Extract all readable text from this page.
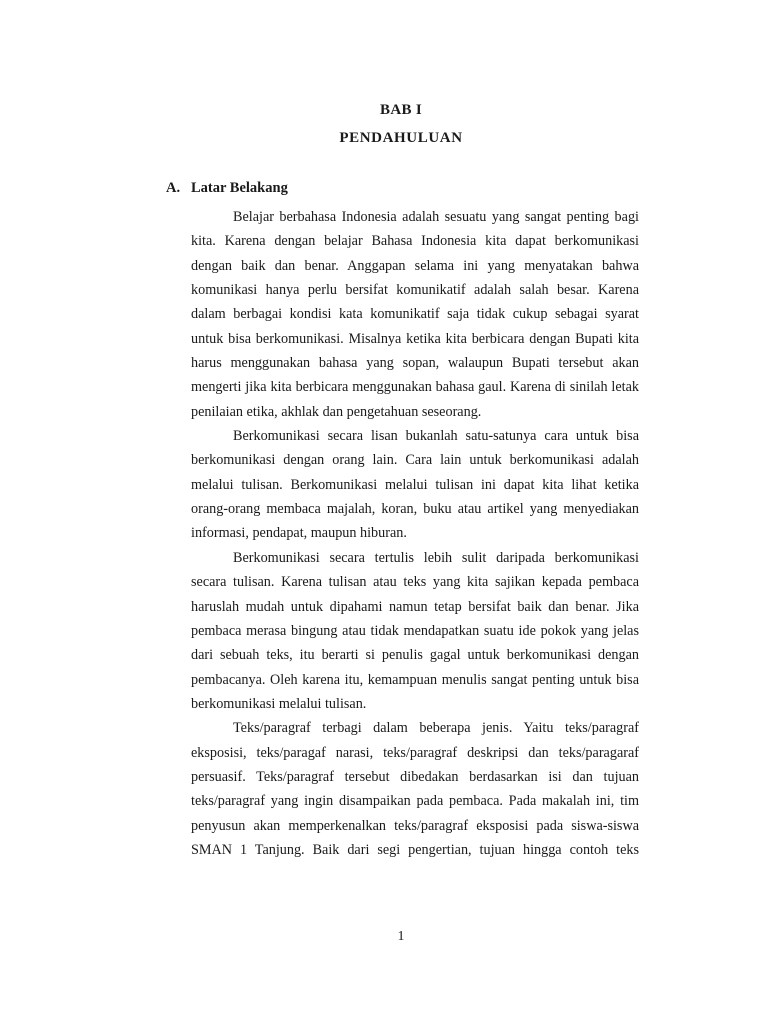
BAB I
PENDAHULUAN
A. Latar Belakang
Belajar berbahasa Indonesia adalah sesuatu yang sangat penting bagi
kita. Karena dengan belajar Bahasa Indonesia kita dapat berkomunikasi
dengan baik dan benar. Anggapan selama ini yang menyatakan bahwa
komunikasi hanya perlu bersifat komunikatif adalah salah besar. Karena
dalam berbagai kondisi kata komunikatif saja tidak cukup sebagai syarat
untuk bisa berkomunikasi. Misalnya ketika kita berbicara dengan Bupati kita
harus menggunakan bahasa yang sopan, walaupun Bupati tersebut akan
mengerti jika kita berbicara menggunakan bahasa gaul. Karena di sinilah letak
penilaian etika, akhlak dan pengetahuan seseorang.
Berkomunikasi secara lisan bukanlah satu-satunya cara untuk bisa
berkomunikasi dengan orang lain. Cara lain untuk berkomunikasi adalah
melalui tulisan. Berkomunikasi melalui tulisan ini dapat kita lihat ketika
orang-orang membaca majalah, koran, buku atau artikel yang menyediakan
informasi, pendapat, maupun hiburan.
Berkomunikasi secara tertulis lebih sulit daripada berkomunikasi
secara tulisan. Karena tulisan atau teks yang kita sajikan kepada pembaca
haruslah mudah untuk dipahami namun tetap bersifat baik dan benar. Jika
pembaca merasa bingung atau tidak mendapatkan suatu ide pokok yang jelas
dari sebuah teks, itu berarti si penulis gagal untuk berkomunikasi dengan
pembacanya. Oleh karena itu, kemampuan menulis sangat penting untuk bisa
berkomunikasi melalui tulisan.
Teks/paragraf terbagi dalam beberapa jenis. Yaitu teks/paragraf
eksposisi, teks/paragaf narasi, teks/paragraf deskripsi dan teks/paragaraf
persuasif. Teks/paragraf tersebut dibedakan berdasarkan isi dan tujuan
teks/paragraf yang ingin disampaikan pada pembaca. Pada makalah ini, tim
penyusun akan memperkenalkan teks/paragraf eksposisi pada siswa-siswa
SMAN 1 Tanjung. Baik dari segi pengertian, tujuan hingga contoh teks
1
